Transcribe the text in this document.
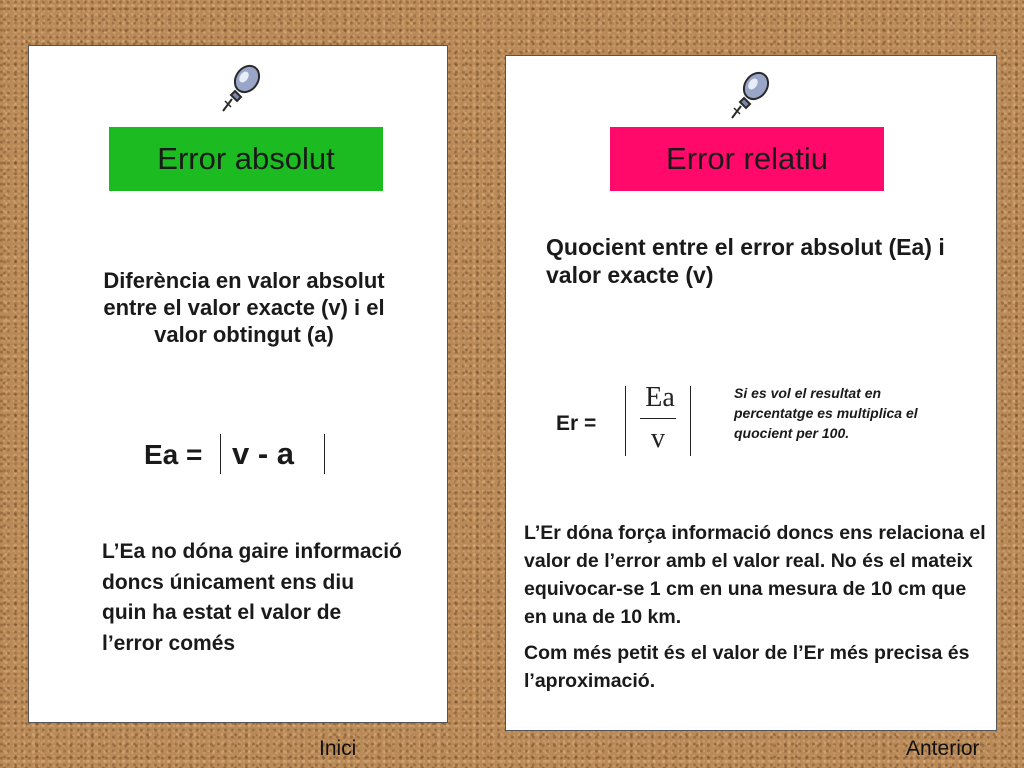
Error absolut
Diferència en valor absolut entre el valor exacte (v) i el valor obtingut (a)
Ea = v - a
L’Ea no dóna gaire informació doncs únicament ens diu quin ha estat el valor de l’error comés
Error relatiu
Quocient entre el error absolut (Ea) i valor exacte (v)
Er =
Ea
v
Si es vol el resultat en percentatge es multiplica el quocient per 100.

L’Er dóna força informació doncs ens relaciona el valor de l’error amb el valor real. No és el mateix equivocar-se 1 cm en una mesura de 10 cm que en una de 10 km.

Com més petit és el valor de l’Er més precisa és l’aproximació.

Inici	Anterior
